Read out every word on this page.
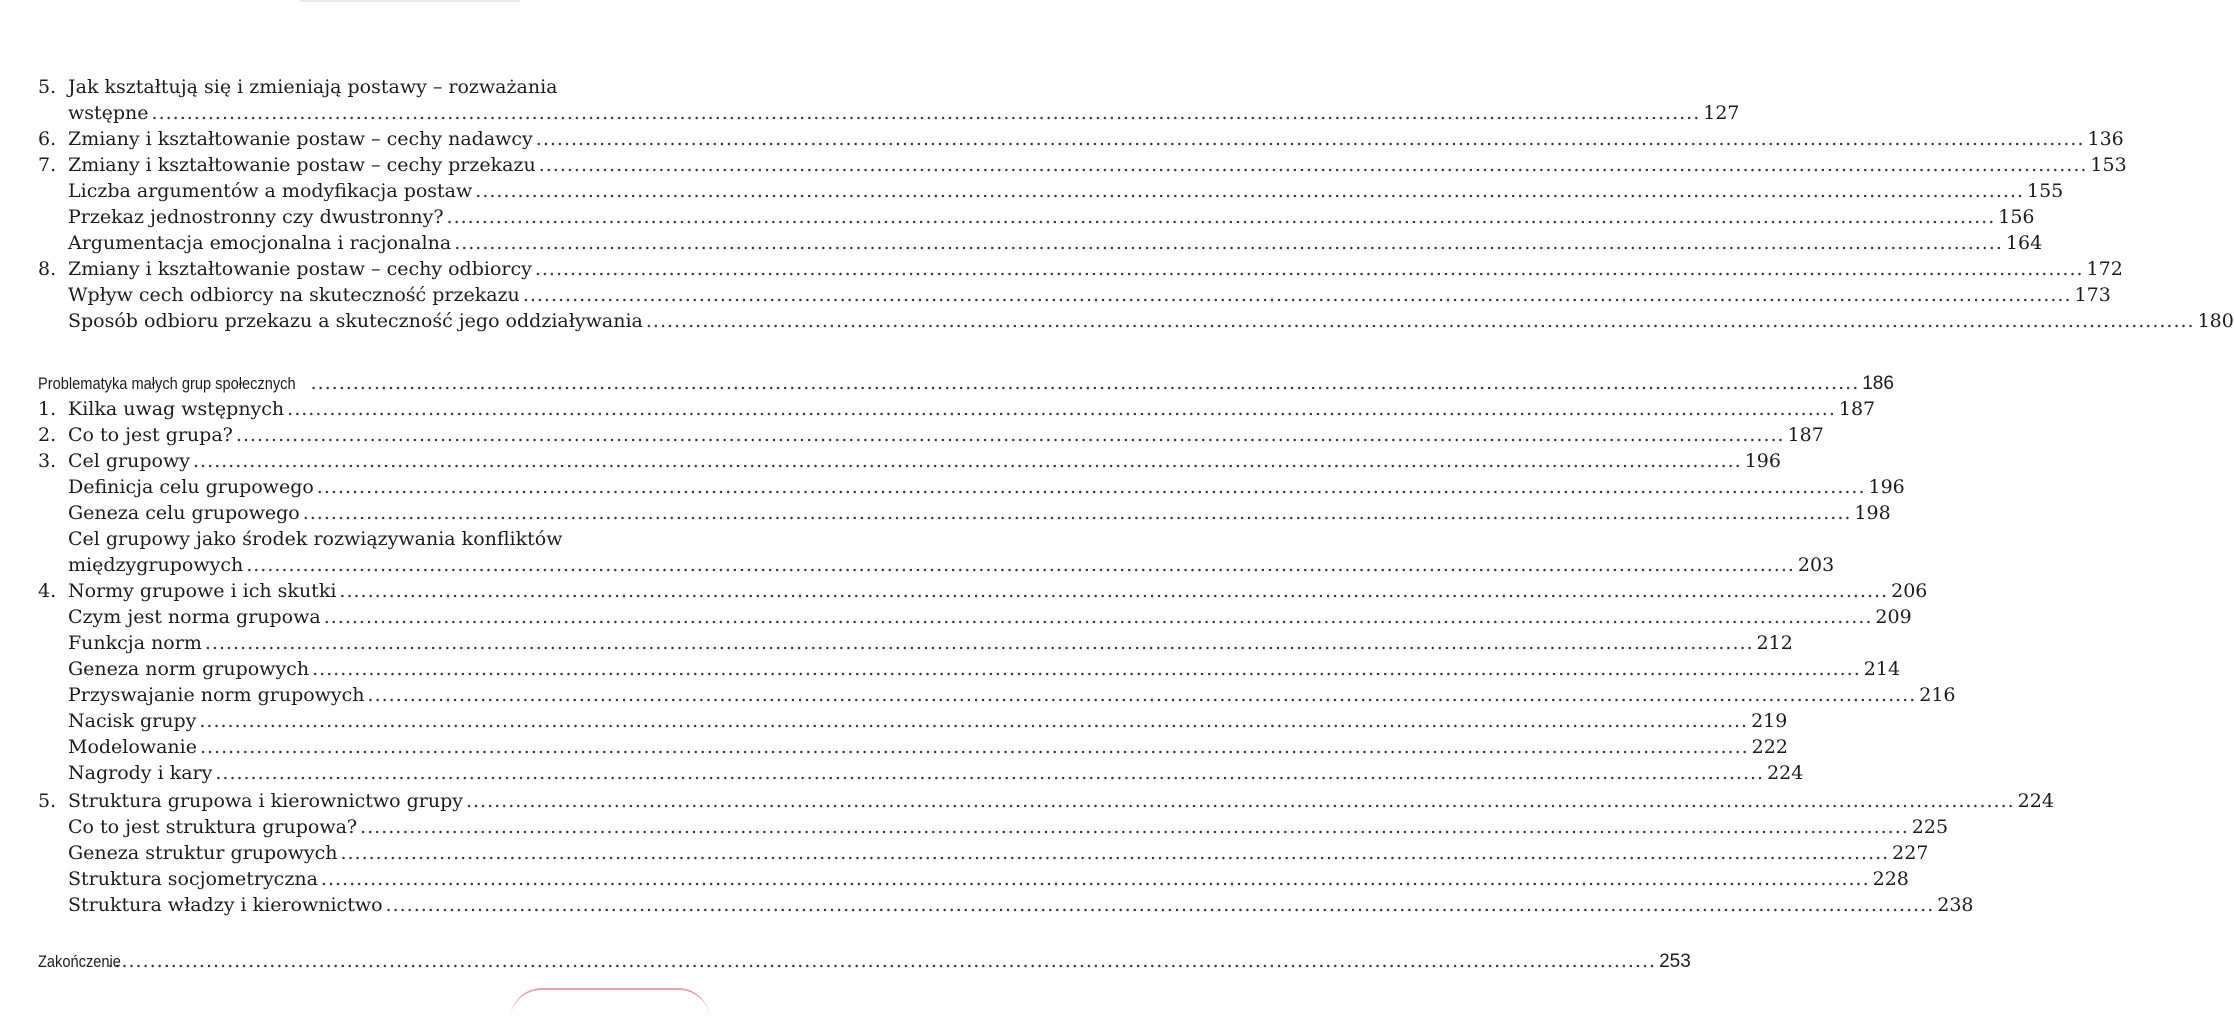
5. Jak kształtują się i zmieniają postawy – rozważania
wstępne ............................................................................................................................................................................................................................ 127
6. Zmiany i kształtowanie postaw – cechy nadawcy ............................................................................................................................................................................................................................ 136
7. Zmiany i kształtowanie postaw – cechy przekazu ............................................................................................................................................................................................................................ 153
Liczba argumentów a modyfikacja postaw ............................................................................................................................................................................................................................ 155
Przekaz jednostronny czy dwustronny? ............................................................................................................................................................................................................................ 156
Argumentacja emocjonalna i racjonalna ............................................................................................................................................................................................................................ 164
8. Zmiany i kształtowanie postaw – cechy odbiorcy ............................................................................................................................................................................................................................ 172
Wpływ cech odbiorcy na skuteczność przekazu ............................................................................................................................................................................................................................ 173
Sposób odbioru przekazu a skuteczność jego oddziaływania ............................................................................................................................................................................................................................ 180
Problematyka małych grup społecznych ............................................................................................................................................................................................................................ 186
1. Kilka uwag wstępnych ............................................................................................................................................................................................................................ 187
2. Co to jest grupa? ............................................................................................................................................................................................................................ 187
3. Cel grupowy ............................................................................................................................................................................................................................ 196
Definicja celu grupowego ............................................................................................................................................................................................................................ 196
Geneza celu grupowego ............................................................................................................................................................................................................................ 198
Cel grupowy jako środek rozwiązywania konfliktów
międzygrupowych ............................................................................................................................................................................................................................ 203
4. Normy grupowe i ich skutki ............................................................................................................................................................................................................................ 206
Czym jest norma grupowa ............................................................................................................................................................................................................................ 209
Funkcja norm ............................................................................................................................................................................................................................ 212
Geneza norm grupowych ............................................................................................................................................................................................................................ 214
Przyswajanie norm grupowych ............................................................................................................................................................................................................................ 216
Nacisk grupy ............................................................................................................................................................................................................................ 219
Modelowanie ............................................................................................................................................................................................................................ 222
Nagrody i kary ............................................................................................................................................................................................................................ 224
5. Struktura grupowa i kierownictwo grupy ............................................................................................................................................................................................................................ 224
Co to jest struktura grupowa? ............................................................................................................................................................................................................................ 225
Geneza struktur grupowych ............................................................................................................................................................................................................................ 227
Struktura socjometryczna ............................................................................................................................................................................................................................ 228
Struktura władzy i kierownictwo ............................................................................................................................................................................................................................ 238
Zakończenie
............................................................................................................................................................................................................................ 253
